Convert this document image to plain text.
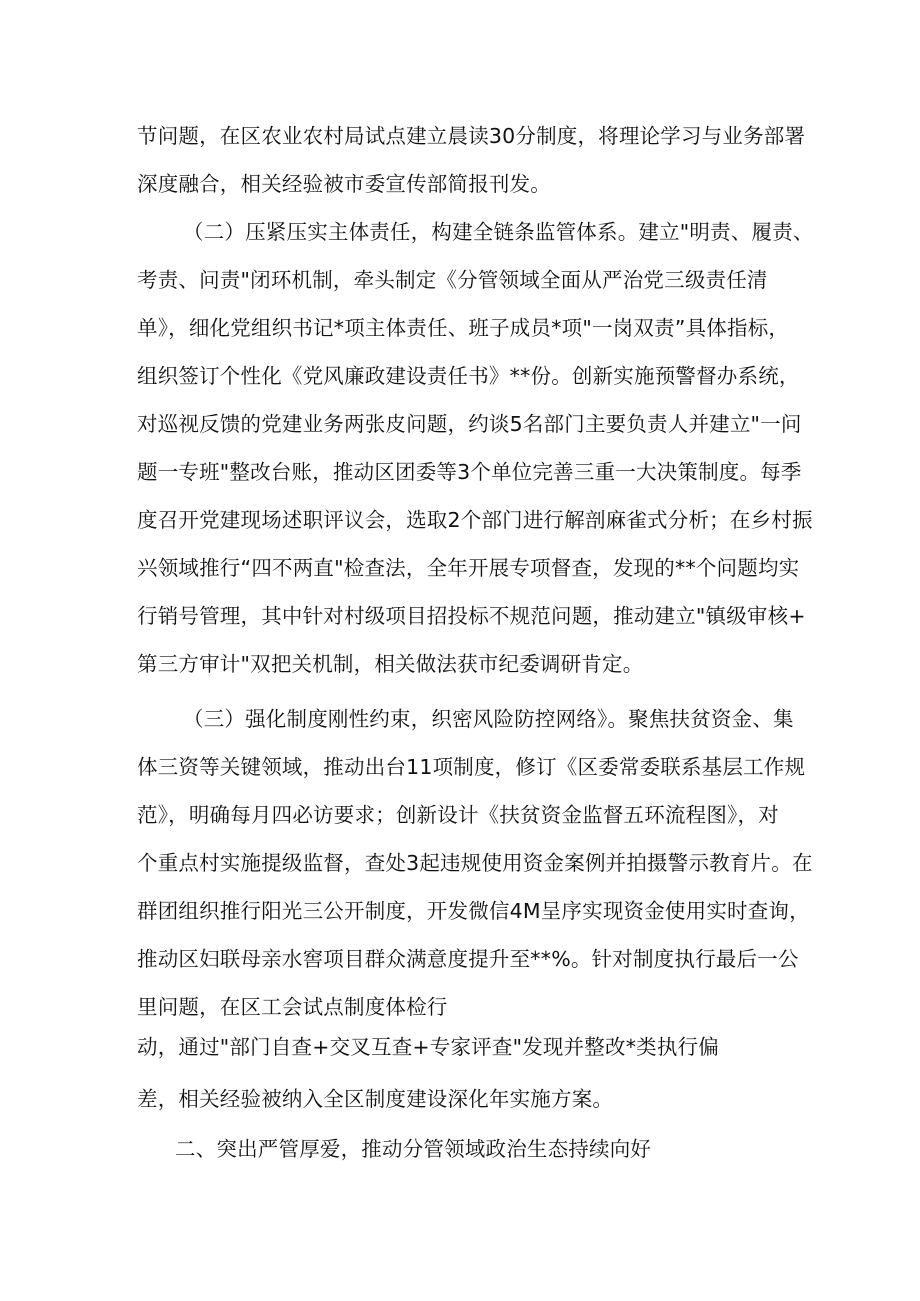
节问题，在区农业农村局试点建立晨读30分制度，将理论学习与业务部署
深度融合，相关经验被市委宣传部简报刊发。
（二）压紧压实主体责任，构建全链条监管体系。建立"明责、履责、
考责、问责"闭环机制，牵头制定《分管领域全面从严治党三级责任清
单》，细化党组织书记*项主体责任、班子成员*项"一岗双责”具体指标，
组织签订个性化《党风廉政建设责任书》**份。创新实施预警督办系统，
对巡视反馈的党建业务两张皮问题，约谈5名部门主要负责人并建立"一问
题一专班"整改台账，推动区团委等3个单位完善三重一大决策制度。每季
度召开党建现场述职评议会，选取2个部门进行解剖麻雀式分析；在乡村振
兴领域推行“四不两直"检查法，全年开展专项督查，发现的**个问题均实
行销号管理，其中针对村级项目招投标不规范问题，推动建立"镇级审核+
第三方审计"双把关机制，相关做法获市纪委调研肯定。
（三）强化制度刚性约束，织密风险防控网络》。聚焦扶贫资金、集
体三资等关键领域，推动出台11项制度，修订《区委常委联系基层工作规
范》，明确每月四必访要求；创新设计《扶贫资金监督五环流程图》，对
个重点村实施提级监督，查处3起违规使用资金案例并拍摄警示教育片。在
群团组织推行阳光三公开制度，开发微信4M呈序实现资金使用实时查询，
推动区妇联母亲水窖项目群众满意度提升至**%。针对制度执行最后一公
里问题，在区工会试点制度体检行
动，通过"部门自查+交叉互查+专家评查"发现并整改*类执行偏
差，相关经验被纳入全区制度建设深化年实施方案。
二、突出严管厚爱，推动分管领域政治生态持续向好
